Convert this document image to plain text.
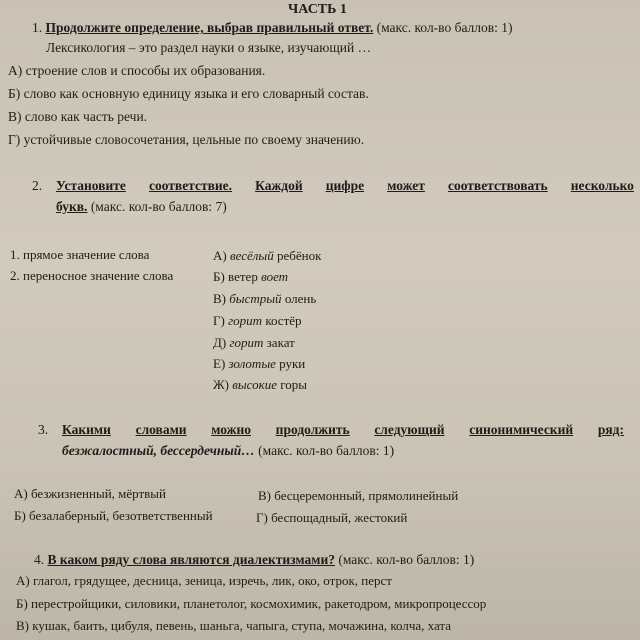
ЧАСТЬ 1
1. Продолжите определение, выбрав правильный ответ. (макс. кол-во баллов: 1)
Лексикология – это раздел науки о языке, изучающий …
А) строение слов и способы их образования.
Б) слово как основную единицу языка и его словарный состав.
В) слово как часть речи.
Г) устойчивые словосочетания, цельные по своему значению.
2. Установите соответствие. Каждой цифре может соответствовать несколько
букв. (макс. кол-во баллов: 7)
1. прямое значение слова
2. переносное значение слова
А) весёлый ребёнок
Б) ветер воет
В) быстрый олень
Г) горит костёр
Д) горит закат
Е) золотые руки
Ж) высокие горы
3. Какими словами можно продолжить следующий синонимический ряд:
безжалостный, бессердечный… (макс. кол-во баллов: 1)
А) безжизненный, мёртвый	В) бесцеремонный, прямолинейный
Б) безалаберный, безответственный	Г) беспощадный, жестокий
4. В каком ряду слова являются диалектизмами? (макс. кол-во баллов: 1)
А) глагол, грядущее, десница, зеница, изречь, лик, око, отрок, перст
Б) перестройщики, силовики, планетолог, космохимик, ракетодром, микропроцессор
В) кушак, баить, цибуля, певень, шаньга, чапыга, ступа, мочажина, колча, хата
